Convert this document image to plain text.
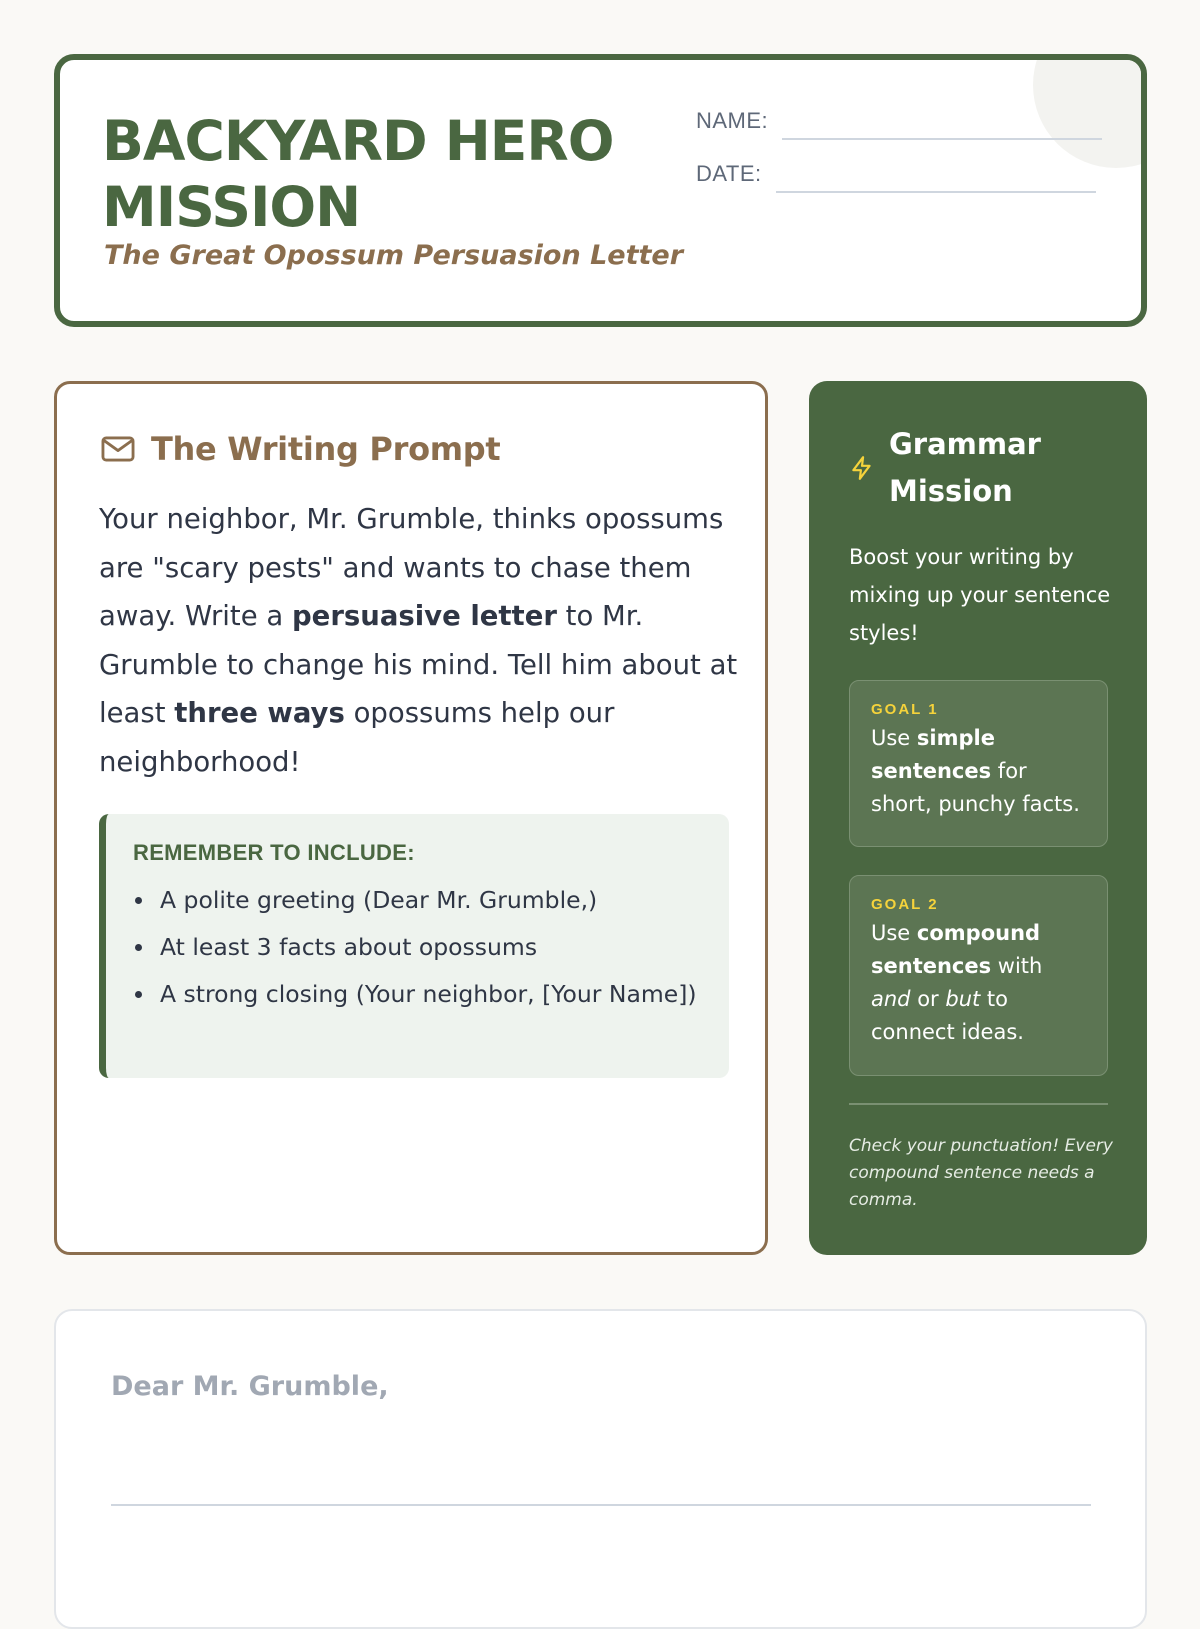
BACKYARD HERO MISSION
The Great Opossum Persuasion Letter
NAME:
DATE:
The Writing Prompt
Your neighbor, Mr. Grumble, thinks opossums are "scary pests" and wants to chase them away. Write a persuasive letter to Mr. Grumble to change his mind. Tell him about at least three ways opossums help our neighborhood!
REMEMBER TO INCLUDE:
A polite greeting (Dear Mr. Grumble,)
At least 3 facts about opossums
A strong closing (Your neighbor, [Your Name])
Grammar Mission
Boost your writing by mixing up your sentence styles!
GOAL 1
Use simple sentences for short, punchy facts.
GOAL 2
Use compound sentences with and or but to connect ideas.
Check your punctuation! Every compound sentence needs a comma.
Dear Mr. Grumble,
